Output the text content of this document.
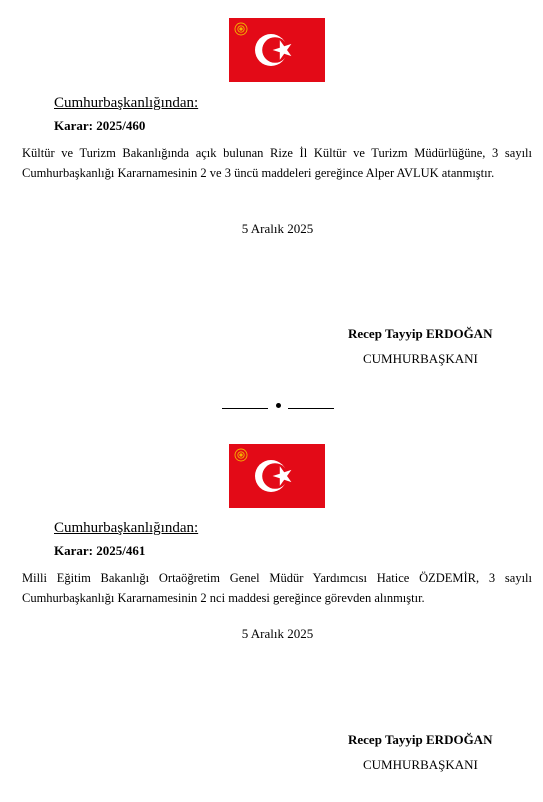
Cumhurbaşkanlığından:
Karar: 2025/460
Kültür ve Turizm Bakanlığında açık bulunan Rize İl Kültür ve Turizm Müdürlüğüne, 3 sayılı Cumhurbaşkanlığı Kararnamesinin 2 ve 3 üncü maddeleri gereğince Alper AVLUK atanmıştır.
5 Aralık 2025
Recep Tayyip ERDOĞAN
CUMHURBAŞKANI
Cumhurbaşkanlığından:
Karar: 2025/461
Milli Eğitim Bakanlığı Ortaöğretim Genel Müdür Yardımcısı Hatice ÖZDEMİR, 3 sayılı Cumhurbaşkanlığı Kararnamesinin 2 nci maddesi gereğince görevden alınmıştır.
5 Aralık 2025
Recep Tayyip ERDOĞAN
CUMHURBAŞKANI
